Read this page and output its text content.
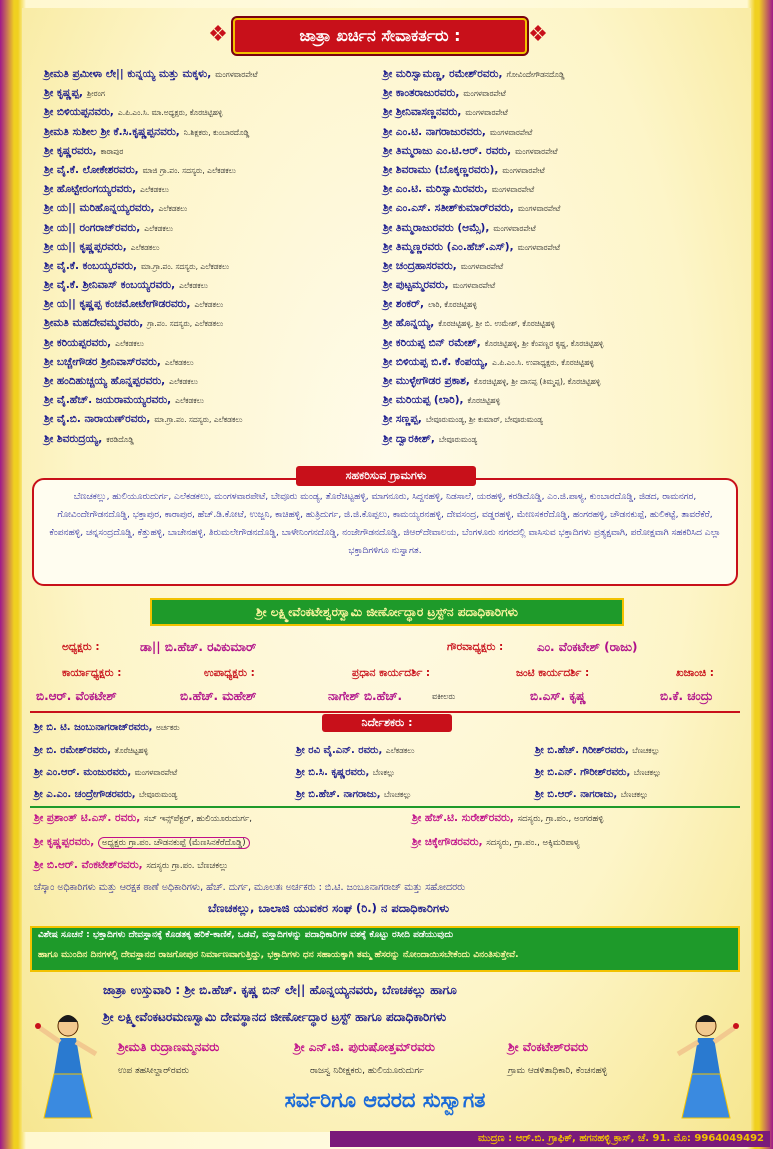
❖	ಜಾತ್ರಾ ಖರ್ಚಿನ ಸೇವಾಕರ್ತರು :	❖
ಶ್ರೀಮತಿ ಪ್ರಮೀಳಾ ಲೇ|| ಕುನ್ನಯ್ಯ ಮತ್ತು ಮಕ್ಕಳು, ಮಂಗಳವಾರಪೇಟೆ
ಶ್ರೀ ಕೃಷ್ಣಪ್ಪ, ಶ್ರೀರಂಗ
ಶ್ರೀ ಬಿಳಿಯಪ್ಪನವರು, ಎ.ಪಿ.ಎಂ.ಸಿ. ಮಾ.ಅಧ್ಯಕ್ಷರು, ಕೊರಚಿಟ್ಟಿಹಳ್ಳಿ
ಶ್ರೀಮತಿ ಸುಶೀಲ ಶ್ರೀ ಕೆ.ಸಿ.ಕೃಷ್ಣಪ್ಪನವರು, ನಿ.ಶಿಕ್ಷಕರು, ಕುಂಬಾರದೊಡ್ಡಿ
ಶ್ರೀ ಕೃಷ್ಣರವರು, ಕಾರಾಪುರ
ಶ್ರೀ ವೈ.ಕೆ. ಲೋಕೇಶರವರು, ಮಾಜಿ ಗ್ರಾ.ಪಂ. ಸದಸ್ಯರು, ಎಲೆಕಡಕಲು
ಶ್ರೀ ಹೊಟ್ಟೇರಂಗಯ್ಯರವರು, ಎಲೆಕಡಕಲು
ಶ್ರೀ ಯ|| ಮರಿಹೊನ್ನಯ್ಯರವರು, ಎಲೆಕಡಕಲು
ಶ್ರೀ ಯ|| ರಂಗರಾಜ್‌ರವರು, ಎಲೆಕಡಕಲು
ಶ್ರೀ ಯ|| ಕೃಷ್ಣಪ್ಪರವರು, ಎಲೆಕಡಕಲು
ಶ್ರೀ ವೈ.ಕೆ. ಕಂಬಯ್ಯರವರು, ಮಾ.ಗ್ರಾ.ಪಂ. ಸದಸ್ಯರು, ಎಲೆಕಡಕಲು
ಶ್ರೀ ವೈ.ಕೆ. ಶ್ರೀನಿವಾಸ್ ಕಂಬಯ್ಯರವರು, ಎಲೆಕಡಕಲು
ಶ್ರೀ ಯ|| ಕೃಷ್ಣಪ್ಪ ಕಂಚಮೋಟೇಗೌಡರವರು, ಎಲೆಕಡಕಲು
ಶ್ರೀಮತಿ ಮಹದೇವಮ್ಮರವರು, ಗ್ರಾ.ಪಂ. ಸದಸ್ಯರು, ಎಲೆಕಡಕಲು
ಶ್ರೀ ಕರಿಯಪ್ಪರವರು, ಎಲೆಕಡಕಲು
ಶ್ರೀ ಬಚ್ಚೇಗೌಡರ ಶ್ರೀನಿವಾಸ್‌ರವರು, ಎಲೆಕಡಕಲು
ಶ್ರೀ ಹಂದಿಹುಚ್ಚಯ್ಯ ಹೊನ್ನಪ್ಪರವರು, ಎಲೆಕಡಕಲು
ಶ್ರೀ ವೈ.ಹೆಚ್. ಜಯರಾಮಯ್ಯರವರು, ಎಲೆಕಡಕಲು
ಶ್ರೀ ವೈ.ಬಿ. ನಾರಾಯಣ್‌ರವರು, ಮಾ.ಗ್ರಾ.ಪಂ. ಸದಸ್ಯರು, ಎಲೆಕಡಕಲು
ಶ್ರೀ ಶಿವರುದ್ರಯ್ಯ, ಕರಡಿದೊಡ್ಡಿ
ಶ್ರೀ ಮರಿಸ್ವಾಮಣ್ಣ, ರಮೇಶ್‌ರವರು, ಗೋವಿಂದೇಗೌಡನದೊಡ್ಡಿ
ಶ್ರೀ ಕಾಂತರಾಜುರವರು, ಮಂಗಳವಾರಪೇಟೆ
ಶ್ರೀ ಶ್ರೀನಿವಾಸಣ್ಣನವರು, ಮಂಗಳವಾರಪೇಟೆ
ಶ್ರೀ ಎಂ.ಟಿ. ನಾಗರಾಜುರವರು, ಮಂಗಳವಾರಪೇಟೆ
ಶ್ರೀ ತಿಮ್ಮರಾಜು ಎಂ.ಟಿ.ಆರ್. ರವರು, ಮಂಗಳವಾರಪೇಟೆ
ಶ್ರೀ ಶಿವರಾಮು (ಬೊಕ್ಕಣ್ಣರವರು), ಮಂಗಳವಾರಪೇಟೆ
ಶ್ರೀ ಎಂ.ಟಿ. ಮರಿಸ್ವಾಮಿರವರು, ಮಂಗಳವಾರಪೇಟೆ
ಶ್ರೀ ಎಂ.ಎಸ್. ಸತೀಶ್‌ಕುಮಾರ್‌ರವರು, ಮಂಗಳವಾರಪೇಟೆ
ಶ್ರೀ ತಿಮ್ಮರಾಜುರವರು (ಆಮ್ಸೆ), ಮಂಗಳವಾರಪೇಟೆ
ಶ್ರೀ ತಿಮ್ಮಣ್ಣರವರು (ಎಂ.ಹೆಚ್.ಎಸ್), ಮಂಗಳವಾರಪೇಟೆ
ಶ್ರೀ ಚಂದ್ರಹಾಸರವರು, ಮಂಗಳವಾರಪೇಟೆ
ಶ್ರೀ ಪುಟ್ಟಮ್ಮರವರು, ಮಂಗಳವಾರಪೇಟೆ
ಶ್ರೀ ಶಂಕರ್, ಲಾರಿ, ಕೊರಚಿಟ್ಟಿಹಳ್ಳಿ
ಶ್ರೀ ಹೊನ್ನಯ್ಯ, ಕೊರಚಿಟ್ಟಿಹಳ್ಳಿ, ಶ್ರೀ ಬಿ. ಉಮೇಶ್, ಕೊರಚಿಟ್ಟಿಹಳ್ಳಿ
ಶ್ರೀ ಕರಿಯಪ್ಪ ಬಿನ್ ರಮೇಶ್, ಕೊರಚಿಟ್ಟಿಹಳ್ಳಿ, ಶ್ರೀ ಕೆಂಪಣ್ಣರ ಕೃಷ್ಣ, ಕೊರಚಿಟ್ಟಿಹಳ್ಳಿ
ಶ್ರೀ ಬಿಳಿಯಪ್ಪ ಬಿ.ಕೆ. ಕೆಂಪಯ್ಯ, ಎ.ಪಿ.ಎಂ.ಸಿ. ಉಪಾಧ್ಯಕ್ಷರು, ಕೊರಚಿಟ್ಟಿಹಳ್ಳಿ
ಶ್ರೀ ಮುಳ್ಳೇಗೌಡರ ಪ್ರಕಾಶ, ಕೊರಚಿಟ್ಟಿಹಳ್ಳಿ, ಶ್ರೀ ದಾಸಪ್ಪ (ತಿಮ್ಮಪ್ಪ), ಕೊರಚಿಟ್ಟಿಹಳ್ಳಿ
ಶ್ರೀ ಮರಿಯಪ್ಪ (ಲಾರಿ), ಕೊರಚಿಟ್ಟಿಹಳ್ಳಿ
ಶ್ರೀ ಸಣ್ಣಪ್ಪ, ಬೇವೂರುಮಂಡ್ಯ, ಶ್ರೀ ಕುಮಾರ್, ಬೇವೂರುಮಂಡ್ಯ
ಶ್ರೀ ದ್ವಾರಕೀಶ್, ಬೇವೂರುಮಂಡ್ಯ
ಸಹಕರಿಸುವ ಗ್ರಾಮಗಳು
ಬೆಣಚಕಲ್ಲು, ಹುಲಿಯೂರುದುರ್ಗ, ಎಲೆಕಡಕಲು, ಮಂಗಳವಾರಪೇಟೆ, ಬೇವೂರು ಮಂಡ್ಯ, ತೊರೆಚಿಟ್ಟಹಳ್ಳಿ, ಮಾಗನೂರು, ಸಿದ್ದನಹಳ್ಳಿ, ನಿಡಸಾಲೆ, ಯರಹಳ್ಳಿ, ಕರಡಿದೊಡ್ಡಿ, ಎಂ.ಜಿ.ಪಾಳ್ಯ, ಕುಂಬಾರದೊಡ್ಡಿ, ಜಿಡದ, ರಾಮನಗರ, ಗೋವಿಂದೇಗೌಡನದೊಡ್ಡಿ, ಭಕ್ತಾಪುರ, ಕಾರಾಪುರ, ಹೆಚ್.ಡಿ.ಕೋಟೆ, ಉಜ್ಜನಿ, ಕಾಚಿಹಳ್ಳಿ, ಹುತ್ರಿದುರ್ಗ, ಜಿ.ಜಿ.ಕೊಪ್ಪಲು, ಕಾಮಯ್ಯರನಹಳ್ಳಿ, ದೇವಸಂದ್ರ, ವಡ್ಡರಹಳ್ಳಿ, ಮೇಣಸಕರೆದೊಡ್ಡಿ, ಹಂಗರಹಳ್ಳಿ, ಚೌಡನಕುಪ್ಪೆ, ಹುಲಿಕಟ್ಟೆ, ತಾವರೆಕೆರೆ, ಕೆಂಪನಹಳ್ಳಿ, ಚನ್ನಸಂದ್ರದೊಡ್ಡಿ, ಕೆತ್ತುಹಳ್ಳಿ, ಬಾಚೇನಹಳ್ಳಿ, ತಿರುಮಲೇಗೌಡನದೊಡ್ಡಿ, ಬಾಳೇನಿಂಗನದೊಡ್ಡಿ, ನಂಜೇಗೌಡನದೊಡ್ಡಿ, ಜಿಆರ್‌ದೇವಾಲಯ, ಬೆಂಗಳೂರು ನಗರದಲ್ಲಿ ವಾಸಿಸುವ ಭಕ್ತಾದಿಗಳು ಪ್ರತ್ಯಕ್ಷವಾಗಿ, ಪರೋಕ್ಷವಾಗಿ ಸಹಕರಿಸಿದ ಎಲ್ಲಾ ಭಕ್ತಾದಿಗಳಿಗೂ ನುಸ್ವಾಗತ.
ಶ್ರೀ ಲಕ್ಷ್ಮೀವೆಂಕಟೇಶ್ವರಸ್ವಾಮಿ ಜೀರ್ಣೋದ್ಧಾರ ಟ್ರಸ್ಟ್‌ನ ಪದಾಧಿಕಾರಿಗಳು
ಅಧ್ಯಕ್ಷರು :	ಡಾ|| ಬಿ.ಹೆಚ್. ರವಿಕುಮಾರ್	ಗೌರವಾಧ್ಯಕ್ಷರು :	ಎಂ. ವೆಂಕಟೇಶ್ (ರಾಜು)
ಕಾರ್ಯಾಧ್ಯಕ್ಷರು :	ಉಪಾಧ್ಯಕ್ಷರು :	ಪ್ರಧಾನ ಕಾರ್ಯದರ್ಶಿ :	ಜಂಟಿ ಕಾರ್ಯದರ್ಶಿ :	ಖಜಾಂಚಿ :
ಬಿ.ಆರ್. ವೆಂಕಟೇಶ್	ಬಿ.ಹೆಚ್. ಮಹೇಶ್	ನಾಗೇಶ್ ಬಿ.ಹೆಚ್.	ವಕೀಲರು	ಬಿ.ಎಸ್. ಕೃಷ್ಣ	ಬಿ.ಕೆ. ಚಂದ್ರು
ನಿರ್ದೇಶಕರು :
ಶ್ರೀ ಬಿ. ಟಿ. ಜಂಬುನಾಗರಾಜ್‌ರವರು, ಅರ್ಚಕರು
ಶ್ರೀ ಬಿ. ರಮೇಶ್‌ರವರು, ತೊರೆಚಿಟ್ಟಹಳ್ಳಿ	ಶ್ರೀ ರವಿ ವೈ.ಎನ್. ರವರು, ಎಲೆಕಡಕಲು	ಶ್ರೀ ಬಿ.ಹೆಚ್. ಗಿರೀಶ್‌ರವರು, ಬೆಣಚಕಲ್ಲು
ಶ್ರೀ ಎಂ.ಆರ್. ಮಂಜುರವರು, ಮಂಗಳವಾರಪೇಟೆ	ಶ್ರೀ ಬಿ.ಸಿ. ಕೃಷ್ಣರವರು, ಬೆಣಕಲ್ಲು	ಶ್ರೀ ಬಿ.ಎನ್. ಗೌರೀಶ್‌ರವರು, ಬೆಣಚಕಲ್ಲು
ಶ್ರೀ ಎ.ಎಂ. ಚಂದ್ರೇಗೌಡರವರು, ಬೇವೂರುಮಂಡ್ಯ	ಶ್ರೀ ಬಿ.ಹೆಚ್. ನಾಗರಾಜು, ಬೆಣಚಕಲ್ಲು	ಶ್ರೀ ಬಿ.ಆರ್. ನಾಗರಾಜು, ಬೆಣಚಕಲ್ಲು
ಶ್ರೀ ಪ್ರಶಾಂತ್ ಟಿ.ಎಸ್. ರವರು, ಸಬ್ ಇನ್ಸ್‌ಪೆಕ್ಟರ್, ಹುಲಿಯೂರುದುರ್ಗ,	ಶ್ರೀ ಹೆಚ್.ಟಿ. ಸುರೇಶ್‌ರವರು, ಸದಸ್ಯರು, ಗ್ರಾ.ಪಂ., ಅಂಗರಹಳ್ಳಿ
ಶ್ರೀ ಕೃಷ್ಣಪ್ಪರವರು, ಅಧ್ಯಕ್ಷರು ಗ್ರಾ.ಪಂ. ಚೌಡನಕುಪ್ಪೆ (ಮೆಣಸಿನಕೆರೆದೊಡ್ಡಿ)	ಶ್ರೀ ಚಿಕ್ಕೇಗೌಡರವರು, ಸದಸ್ಯರು, ಗ್ರಾ.ಪಂ., ಅಕ್ಕಿಮರಿಪಾಳ್ಯ
ಶ್ರೀ ಬಿ.ಆರ್. ವೆಂಕಟೇಶ್‌ರವರು, ಸದಸ್ಯರು ಗ್ರಾ.ಪಂ. ಬೆಣಚಕಲ್ಲು
ಚೆಸ್ಕಾಂ ಅಧಿಕಾರಿಗಳು ಮತ್ತು ಆರಕ್ಷಕ ಠಾಣೆ ಅಧಿಕಾರಿಗಳು, ಹೆಚ್. ದುರ್ಗ, ಮೂಲತಃ ಅರ್ಚಕರು : ಬಿ.ಟಿ. ಜಂಬೂನಾಗರಾಜ್ ಮತ್ತು ಸಹೋದರರು
ಬೆಣಚಕಲ್ಲು, ಬಾಲಾಜಿ ಯುವಕರ ಸಂಘ (ರಿ.) ನ ಪದಾಧಿಕಾರಿಗಳು
ವಿಶೇಷ ಸೂಚನೆ : ಭಕ್ತಾದಿಗಳು ದೇವಸ್ಥಾನಕ್ಕೆ ಕೊಡತಕ್ಕ ಹರಿಕೆ-ಕಾಣಿಕೆ, ಒಡವೆ, ವಸ್ತ್ರಾದಿಗಳನ್ನು ಪದಾಧಿಕಾರಿಗಳ ವಶಕ್ಕೆ ಕೊಟ್ಟು ರಸೀದಿ ಪಡೆಯುವುದು
ಹಾಗೂ ಮುಂದಿನ ದಿನಗಳಲ್ಲಿ ದೇವಸ್ಥಾನದ ರಾಜಗೋಪುರ ನಿರ್ಮಾಣವಾಗುತ್ತಿದ್ದು, ಭಕ್ತಾದಿಗಳು ಧನ ಸಹಾಯಕ್ಕಾಗಿ ತಮ್ಮ ಹೆಸರನ್ನು ನೋಂದಾಯಿಸಬೇಕೆಂದು ವಿನಂತಿಸುತ್ತೇವೆ.
ಜಾತ್ರಾ ಉಸ್ತುವಾರಿ : ಶ್ರೀ ಬಿ.ಹೆಚ್. ಕೃಷ್ಣ ಬಿನ್ ಲೇ|| ಹೊನ್ನಯ್ಯನವರು, ಬೆಣಚಕಲ್ಲು ಹಾಗೂ
ಶ್ರೀ ಲಕ್ಷ್ಮೀವೆಂಕಟರಮಣಸ್ವಾಮಿ ದೇವಸ್ಥಾನದ ಜೀರ್ಣೋದ್ಧಾರ ಟ್ರಸ್ಟ್ ಹಾಗೂ ಪದಾಧಿಕಾರಿಗಳು
ಶ್ರೀಮತಿ ರುದ್ರಾಣಮ್ಮನವರು	ಶ್ರೀ ಎನ್.ಜಿ. ಪುರುಷೋತ್ತಮ್‌ರವರು	ಶ್ರೀ ವೆಂಕಟೇಶ್‌ರವರು
ಉಪ ತಹಸೀಲ್ದಾರ್‌ರವರು	ರಾಜಸ್ವ ನಿರೀಕ್ಷಕರು, ಹುಲಿಯೂರುದುರ್ಗ	ಗ್ರಾಮ ಆಡಳಿತಾಧಿಕಾರಿ, ಕೆಂಚನಹಳ್ಳಿ
ಸರ್ವರಿಗೂ ಆದರದ ಸುಸ್ವಾಗತ
ಮುದ್ರಣ : ಆರ್.ಬಿ. ಗ್ರಾಫಿಕ್, ಹಗನಹಳ್ಳಿ ಕ್ರಾಸ್, ಚೆ. 91. ಮೊ: 9964049492
